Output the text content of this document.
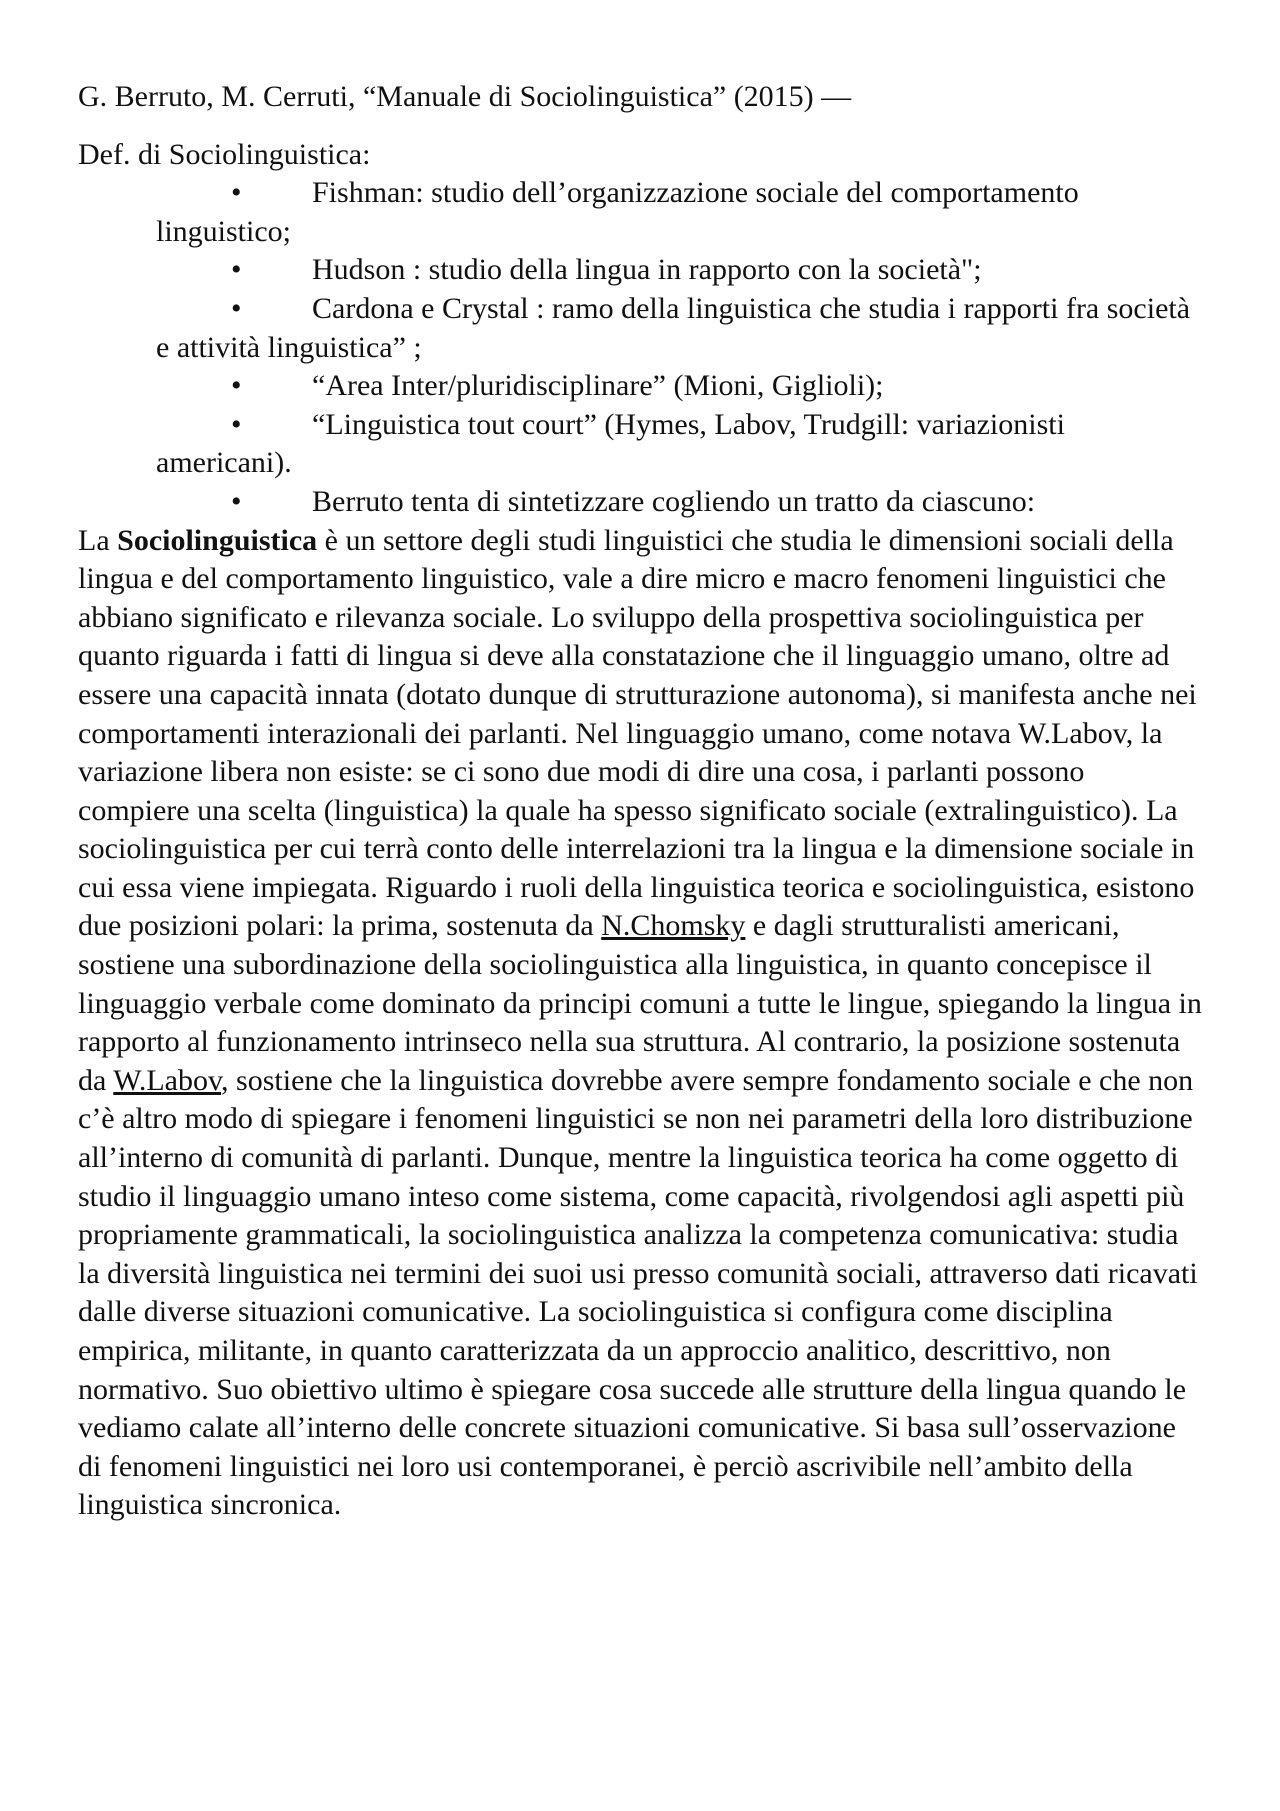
G. Berruto, M. Cerruti, “Manuale di Sociolinguistica” (2015) —
Def. di Sociolinguistica:
• Fishman: studio dell’organizzazione sociale del comportamento linguistico;
• Hudson : studio della lingua in rapporto con la società";
• Cardona e Crystal : ramo della linguistica che studia i rapporti fra società e attività linguistica” ;
• “Area Inter/pluridisciplinare” (Mioni, Giglioli);
• “Linguistica tout court” (Hymes, Labov, Trudgill: variazionisti americani).
• Berruto tenta di sintetizzare cogliendo un tratto da ciascuno:

La Sociolinguistica è un settore degli studi linguistici che studia le dimensioni sociali della lingua e del comportamento linguistico, vale a dire micro e macro fenomeni linguistici che abbiano significato e rilevanza sociale. Lo sviluppo della prospettiva sociolinguistica per quanto riguarda i fatti di lingua si deve alla constatazione che il linguaggio umano, oltre ad essere una capacità innata (dotato dunque di strutturazione autonoma), si manifesta anche nei comportamenti interazionali dei parlanti. Nel linguaggio umano, come notava W.Labov, la variazione libera non esiste: se ci sono due modi di dire una cosa, i parlanti possono compiere una scelta (linguistica) la quale ha spesso significato sociale (extralinguistico). La sociolinguistica per cui terrà conto delle interrelazioni tra la lingua e la dimensione sociale in cui essa viene impiegata. Riguardo i ruoli della linguistica teorica e sociolinguistica, esistono due posizioni polari: la prima, sostenuta da N.Chomsky e dagli strutturalisti americani, sostiene una subordinazione della sociolinguistica alla linguistica, in quanto concepisce il linguaggio verbale come dominato da principi comuni a tutte le lingue, spiegando la lingua in rapporto al funzionamento intrinseco nella sua struttura. Al contrario, la posizione sostenuta da W.Labov, sostiene che la linguistica dovrebbe avere sempre fondamento sociale e che non c’è altro modo di spiegare i fenomeni linguistici se non nei parametri della loro distribuzione all’interno di comunità di parlanti. Dunque, mentre la linguistica teorica ha come oggetto di studio il linguaggio umano inteso come sistema, come capacità, rivolgendosi agli aspetti più propriamente grammaticali, la sociolinguistica analizza la competenza comunicativa: studia la diversità linguistica nei termini dei suoi usi presso comunità sociali, attraverso dati ricavati dalle diverse situazioni comunicative. La sociolinguistica si configura come disciplina empirica, militante, in quanto caratterizzata da un approccio analitico, descrittivo, non normativo. Suo obiettivo ultimo è spiegare cosa succede alle strutture della lingua quando le vediamo calate all’interno delle concrete situazioni comunicative. Si basa sull’osservazione di fenomeni linguistici nei loro usi contemporanei, è perciò ascrivibile nell’ambito della linguistica sincronica.
